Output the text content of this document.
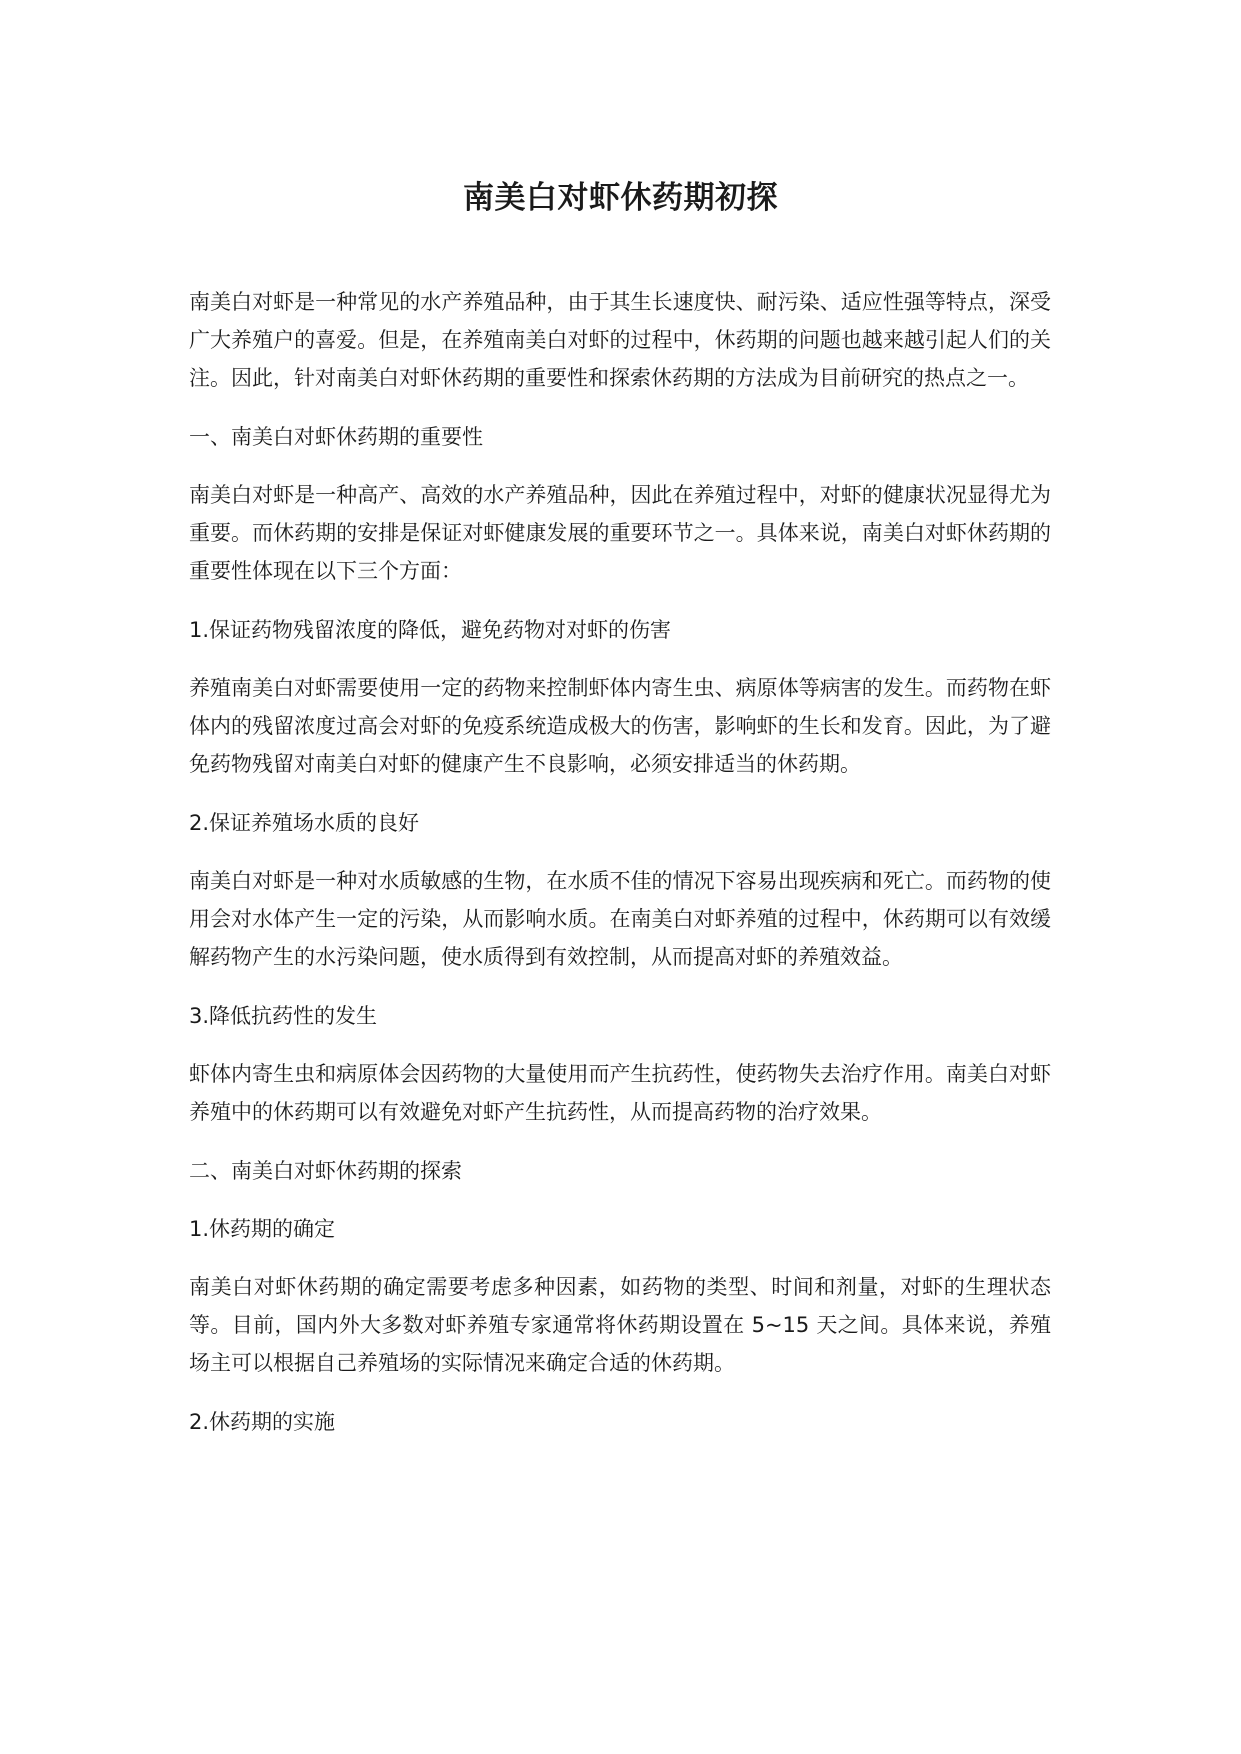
南美白对虾休药期初探

南美白对虾是一种常见的水产养殖品种，由于其生长速度快、耐污染、适应性强等特点，深受广大养殖户的喜爱。但是，在养殖南美白对虾的过程中，休药期的问题也越来越引起人们的关注。因此，针对南美白对虾休药期的重要性和探索休药期的方法成为目前研究的热点之一。

一、南美白对虾休药期的重要性

南美白对虾是一种高产、高效的水产养殖品种，因此在养殖过程中，对虾的健康状况显得尤为重要。而休药期的安排是保证对虾健康发展的重要环节之一。具体来说，南美白对虾休药期的重要性体现在以下三个方面：

1.保证药物残留浓度的降低，避免药物对对虾的伤害

养殖南美白对虾需要使用一定的药物来控制虾体内寄生虫、病原体等病害的发生。而药物在虾体内的残留浓度过高会对虾的免疫系统造成极大的伤害，影响虾的生长和发育。因此，为了避免药物残留对南美白对虾的健康产生不良影响，必须安排适当的休药期。

2.保证养殖场水质的良好

南美白对虾是一种对水质敏感的生物，在水质不佳的情况下容易出现疾病和死亡。而药物的使用会对水体产生一定的污染，从而影响水质。在南美白对虾养殖的过程中，休药期可以有效缓解药物产生的水污染问题，使水质得到有效控制，从而提高对虾的养殖效益。

3.降低抗药性的发生

虾体内寄生虫和病原体会因药物的大量使用而产生抗药性，使药物失去治疗作用。南美白对虾养殖中的休药期可以有效避免对虾产生抗药性，从而提高药物的治疗效果。

二、南美白对虾休药期的探索

1.休药期的确定

南美白对虾休药期的确定需要考虑多种因素，如药物的类型、时间和剂量，对虾的生理状态等。目前，国内外大多数对虾养殖专家通常将休药期设置在 5~15 天之间。具体来说，养殖场主可以根据自己养殖场的实际情况来确定合适的休药期。

2.休药期的实施
